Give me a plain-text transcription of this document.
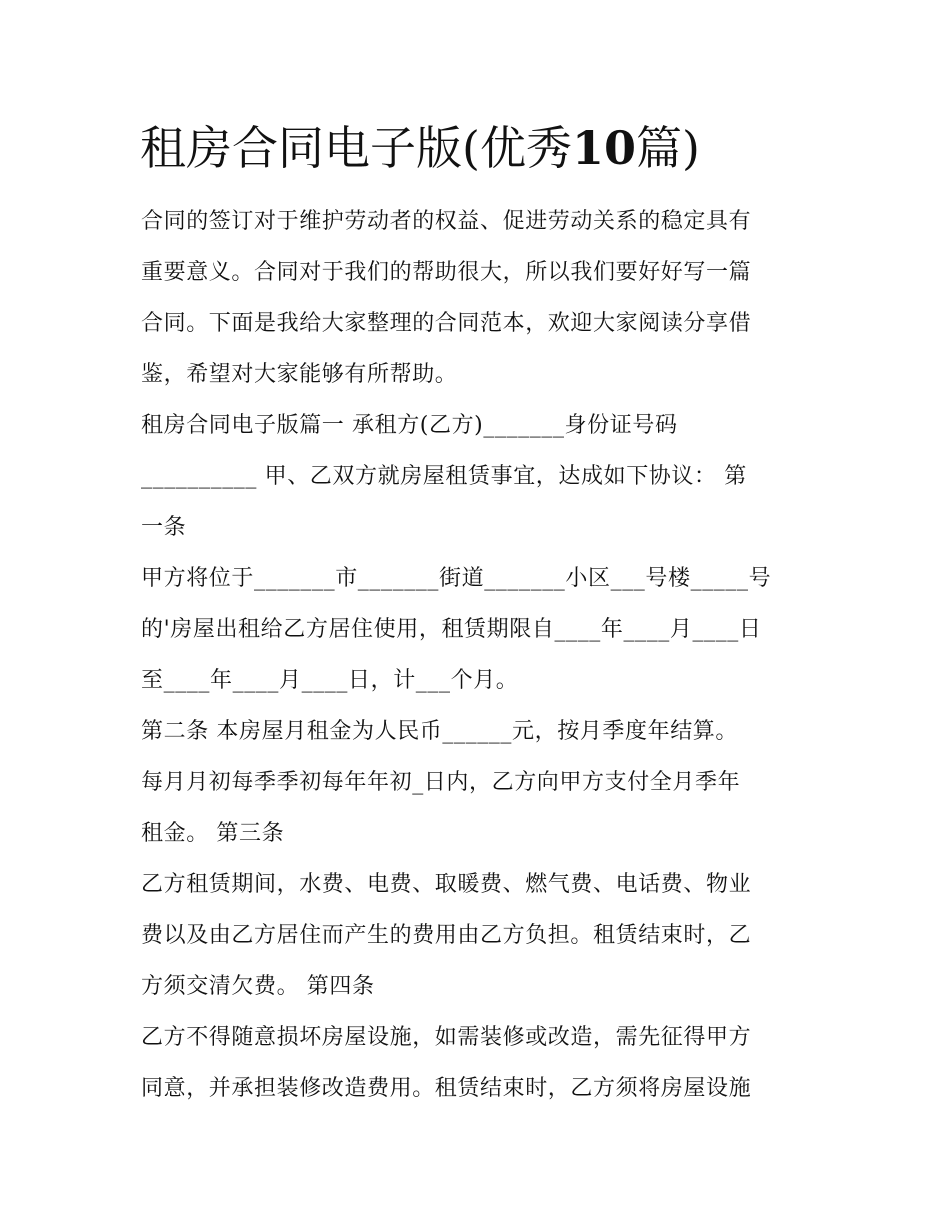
租房合同电子版(优秀10篇)

合同的签订对于维护劳动者的权益、促进劳动关系的稳定具有

重要意义。合同对于我们的帮助很大，所以我们要好好写一篇

合同。下面是我给大家整理的合同范本，欢迎大家阅读分享借

鉴，希望对大家能够有所帮助。

租房合同电子版篇一 承租方(乙方)_______身份证号码

__________ 甲、乙双方就房屋租赁事宜，达成如下协议： 第

一条

甲方将位于_______市_______街道_______小区___号楼_____号

的'房屋出租给乙方居住使用，租赁期限自____年____月____日

至____年____月____日，计___个月。

第二条 本房屋月租金为人民币______元，按月季度年结算。

每月月初每季季初每年年初_日内，乙方向甲方支付全月季年

租金。 第三条

乙方租赁期间，水费、电费、取暖费、燃气费、电话费、物业

费以及由乙方居住而产生的费用由乙方负担。租赁结束时，乙

方须交清欠费。 第四条

乙方不得随意损坏房屋设施，如需装修或改造，需先征得甲方

同意，并承担装修改造费用。租赁结束时，乙方须将房屋设施
